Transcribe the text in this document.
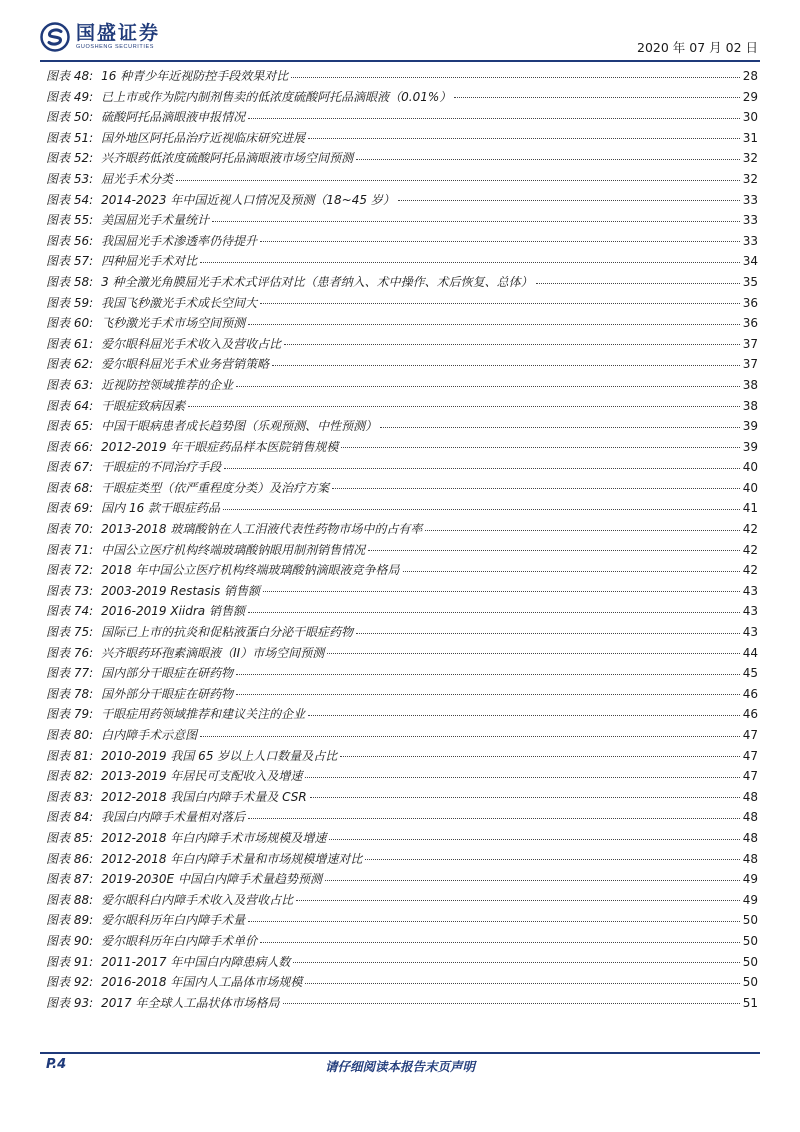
国盛证券
GUOSHENG SECURITIES	2020 年 07 月 02 日
图表 48: 16 种青少年近视防控手段效果对比	28
图表 49: 已上市或作为院内制剂售卖的低浓度硫酸阿托品滴眼液（0.01%）	29
图表 50: 硫酸阿托品滴眼液申报情况	30
图表 51: 国外地区阿托品治疗近视临床研究进展	31
图表 52: 兴齐眼药低浓度硫酸阿托品滴眼液市场空间预测	32
图表 53: 屈光手术分类	32
图表 54: 2014-2023 年中国近视人口情况及预测（18~45 岁）	33
图表 55: 美国屈光手术量统计	33
图表 56: 我国屈光手术渗透率仍待提升	33
图表 57: 四种屈光手术对比	34
图表 58: 3 种全激光角膜屈光手术术式评估对比（患者纳入、术中操作、术后恢复、总体）	35
图表 59: 我国飞秒激光手术成长空间大	36
图表 60: 飞秒激光手术市场空间预测	36
图表 61: 爱尔眼科屈光手术收入及营收占比	37
图表 62: 爱尔眼科屈光手术业务营销策略	37
图表 63: 近视防控领域推荐的企业	38
图表 64: 干眼症致病因素	38
图表 65: 中国干眼病患者成长趋势图（乐观预测、中性预测）	39
图表 66: 2012-2019 年干眼症药品样本医院销售规模	39
图表 67: 干眼症的不同治疗手段	40
图表 68: 干眼症类型（依严重程度分类）及治疗方案	40
图表 69: 国内 16 款干眼症药品	41
图表 70: 2013-2018 玻璃酸钠在人工泪液代表性药物市场中的占有率	42
图表 71: 中国公立医疗机构终端玻璃酸钠眼用制剂销售情况	42
图表 72: 2018 年中国公立医疗机构终端玻璃酸钠滴眼液竞争格局	42
图表 73: 2003-2019 Restasis 销售额	43
图表 74: 2016-2019 Xiidra 销售额	43
图表 75: 国际已上市的抗炎和促粘液蛋白分泌干眼症药物	43
图表 76: 兴齐眼药环孢素滴眼液（II）市场空间预测	44
图表 77: 国内部分干眼症在研药物	45
图表 78: 国外部分干眼症在研药物	46
图表 79: 干眼症用药领域推荐和建议关注的企业	46
图表 80: 白内障手术示意图	47
图表 81: 2010-2019 我国 65 岁以上人口数量及占比	47
图表 82: 2013-2019 年居民可支配收入及增速	47
图表 83: 2012-2018 我国白内障手术量及 CSR	48
图表 84: 我国白内障手术量相对落后	48
图表 85: 2012-2018 年白内障手术市场规模及增速	48
图表 86: 2012-2018 年白内障手术量和市场规模增速对比	48
图表 87: 2019-2030E 中国白内障手术量趋势预测	49
图表 88: 爱尔眼科白内障手术收入及营收占比	49
图表 89: 爱尔眼科历年白内障手术量	50
图表 90: 爱尔眼科历年白内障手术单价	50
图表 91: 2011-2017 年中国白内障患病人数	50
图表 92: 2016-2018 年国内人工晶体市场规模	50
图表 93: 2017 年全球人工晶状体市场格局	51
P.4	请仔细阅读本报告末页声明
